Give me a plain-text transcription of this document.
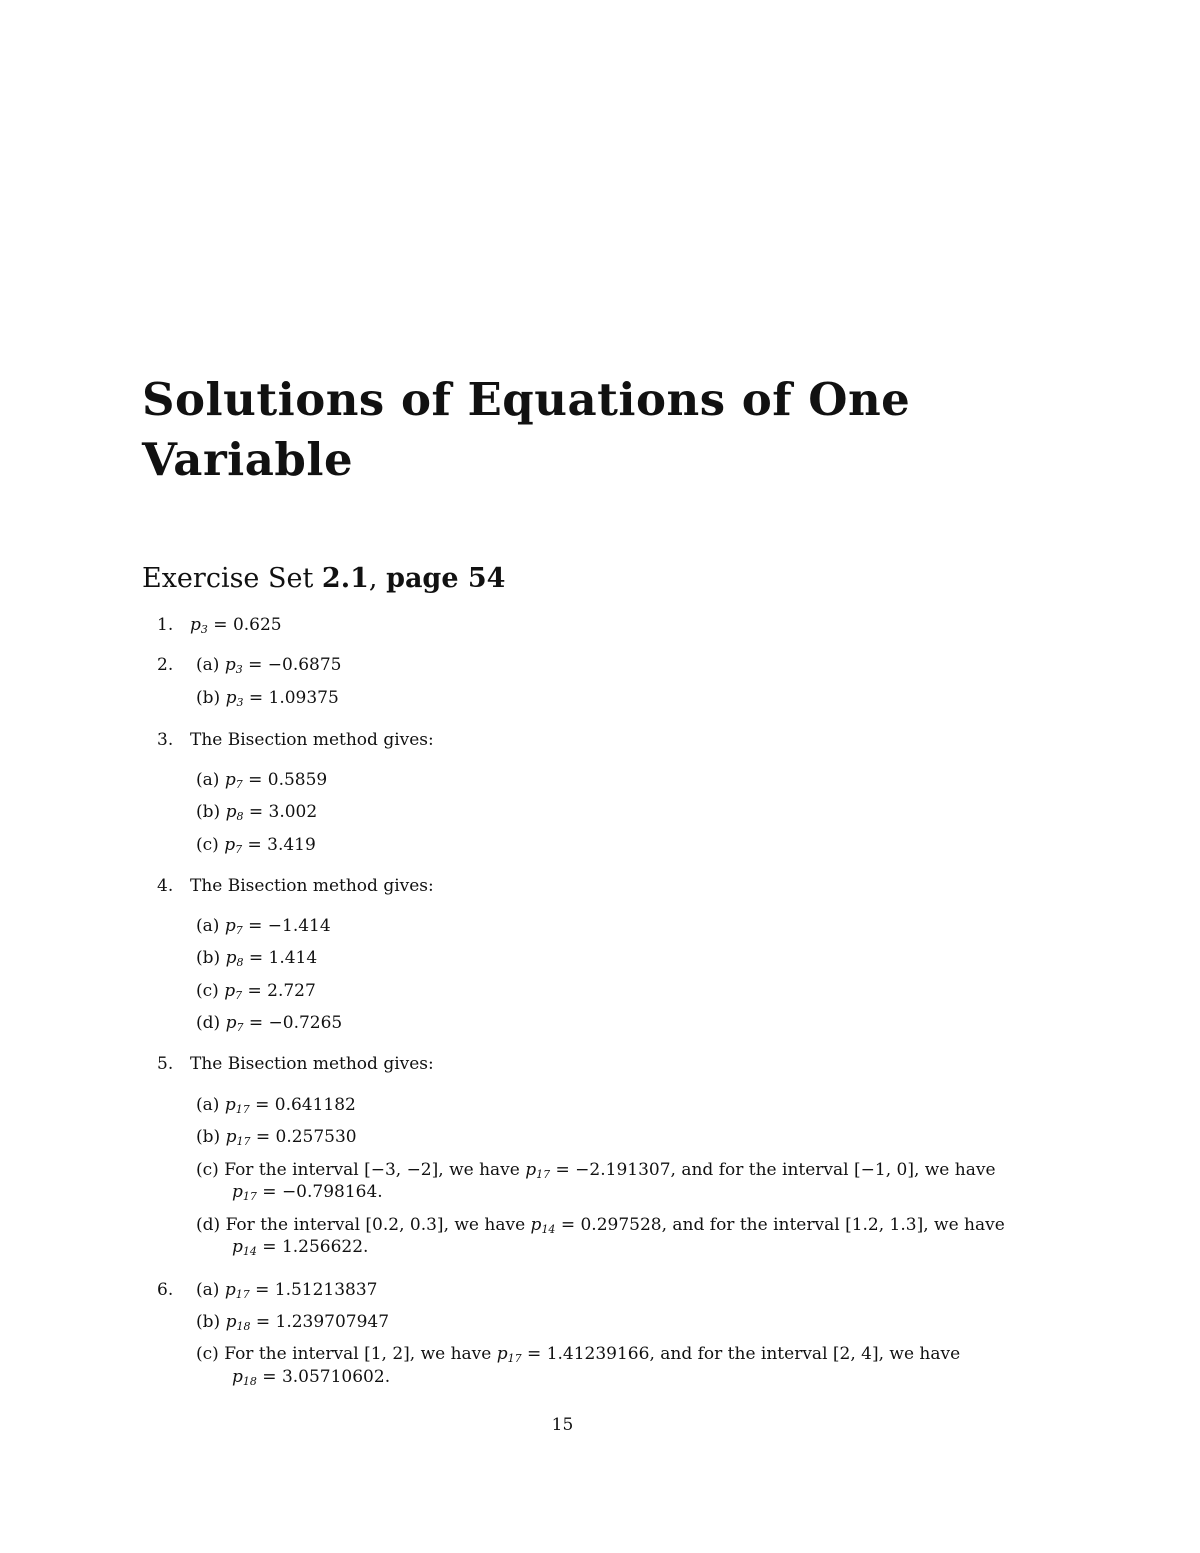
Solutions of Equations of One Variable
Exercise Set 2.1, page 54
1. $p_3 = 0.625$
2. (a) $p_3 = -0.6875$
(b) $p_3 = 1.09375$
3. The Bisection method gives:
(a) $p_7 = 0.5859$
(b) $p_8 = 3.002$
(c) $p_7 = 3.419$
4. The Bisection method gives:
(a) $p_7 = -1.414$
(b) $p_8 = 1.414$
(c) $p_7 = 2.727$
(d) $p_7 = -0.7265$
5. The Bisection method gives:
(a) $p_{17} = 0.641182$
(b) $p_{17} = 0.257530$
(c) For the interval [−3, −2], we have $p_{17} = -2.191307$, and for the interval [−1, 0], we have
$p_{17} = -0.798164$.
(d) For the interval [0.2, 0.3], we have $p_{14} = 0.297528$, and for the interval [1.2, 1.3], we have
$p_{14} = 1.256622$.
6. (a) $p_{17} = 1.51213837$
(b) $p_{18} = 1.239707947$
(c) For the interval [1, 2], we have $p_{17} = 1.41239166$, and for the interval [2, 4], we have
$p_{18} = 3.05710602$.
15
